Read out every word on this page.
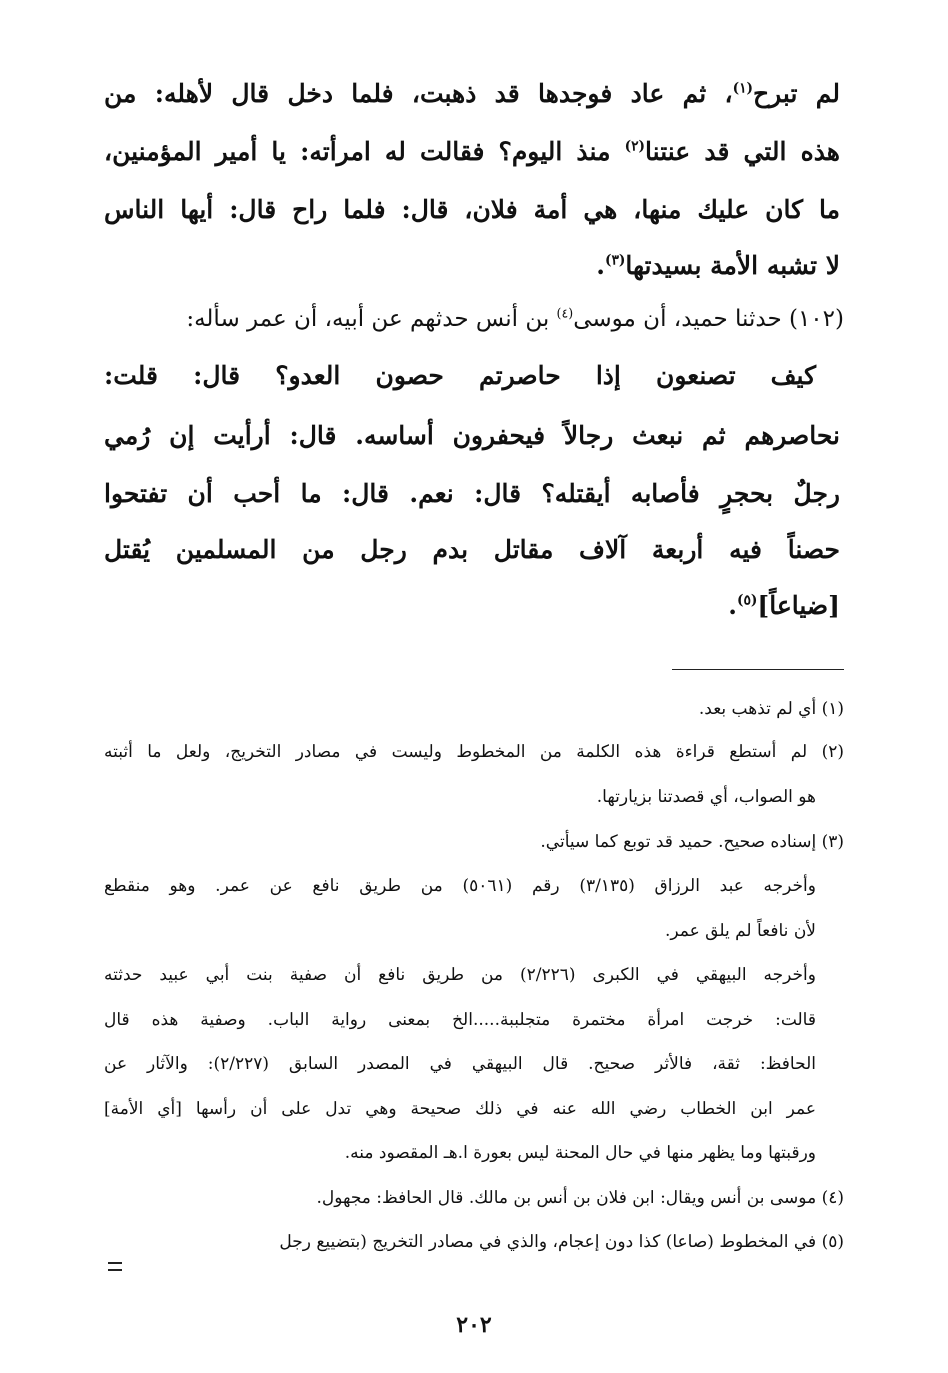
لم تبرح$^{(١)}$، ثم عاد فوجدها قد ذهبت، فلما دخل قال لأهله: من
هذه التي قد عنتنا$^{(٢)}$ منذ اليوم؟ فقالت له امرأته: يا أمير المؤمنين،
ما كان عليك منها، هي أمة فلان، قال: فلما راح قال: أيها الناس
لا تشبه الأمة بسيدتها$^{(٣)}$.
(١٠٢) حدثنا حميد، أن موسى$^{(٤)}$ بن أنس حدثهم عن أبيه، أن عمر سأله:
كيف تصنعون إذا حاصرتم حصون العدو؟ قال: قلت:
نحاصرهم ثم نبعث رجالاً فيحفرون أساسه. قال: أرأيت إن رُمي
رجلٌ بحجرٍ فأصابه أيقتله؟ قال: نعم. قال: ما أحب أن تفتحوا
حصناً فيه أربعة آلاف مقاتل بدم رجل من المسلمين يُقتل
[ضياعاً]$^{(٥)}$.
(١) أي لم تذهب بعد.
(٢) لم أستطع قراءة هذه الكلمة من المخطوط وليست في مصادر التخريج، ولعل ما أثبته
هو الصواب، أي قصدتنا بزيارتها.
(٣) إسناده صحيح. حميد قد توبع كما سيأتي.
وأخرجه عبد الرزاق (٣/١٣٥) رقم (٥٠٦١) من طريق نافع عن عمر. وهو منقطع
لأن نافعاً لم يلق عمر.
وأخرجه البيهقي في الكبرى (٢/٢٢٦) من طريق نافع أن صفية بنت أبي عبيد حدثته
قالت: خرجت امرأة مختمرة متجلببة.....الخ بمعنى رواية الباب. وصفية هذه قال
الحافظ: ثقة، فالأثر صحيح. قال البيهقي في المصدر السابق (٢/٢٢٧): والآثار عن
عمر ابن الخطاب رضي الله عنه في ذلك صحيحة وهي تدل على أن رأسها [أي الأمة]
ورقبتها وما يظهر منها في حال المحنة ليس بعورة ا.هـ المقصود منه.
(٤) موسى بن أنس ويقال: ابن فلان بن أنس بن مالك. قال الحافظ: مجهول.
(٥) في المخطوط (صاعا) كذا دون إعجام، والذي في مصادر التخريج (بتضييع رجل
٢٠٢
